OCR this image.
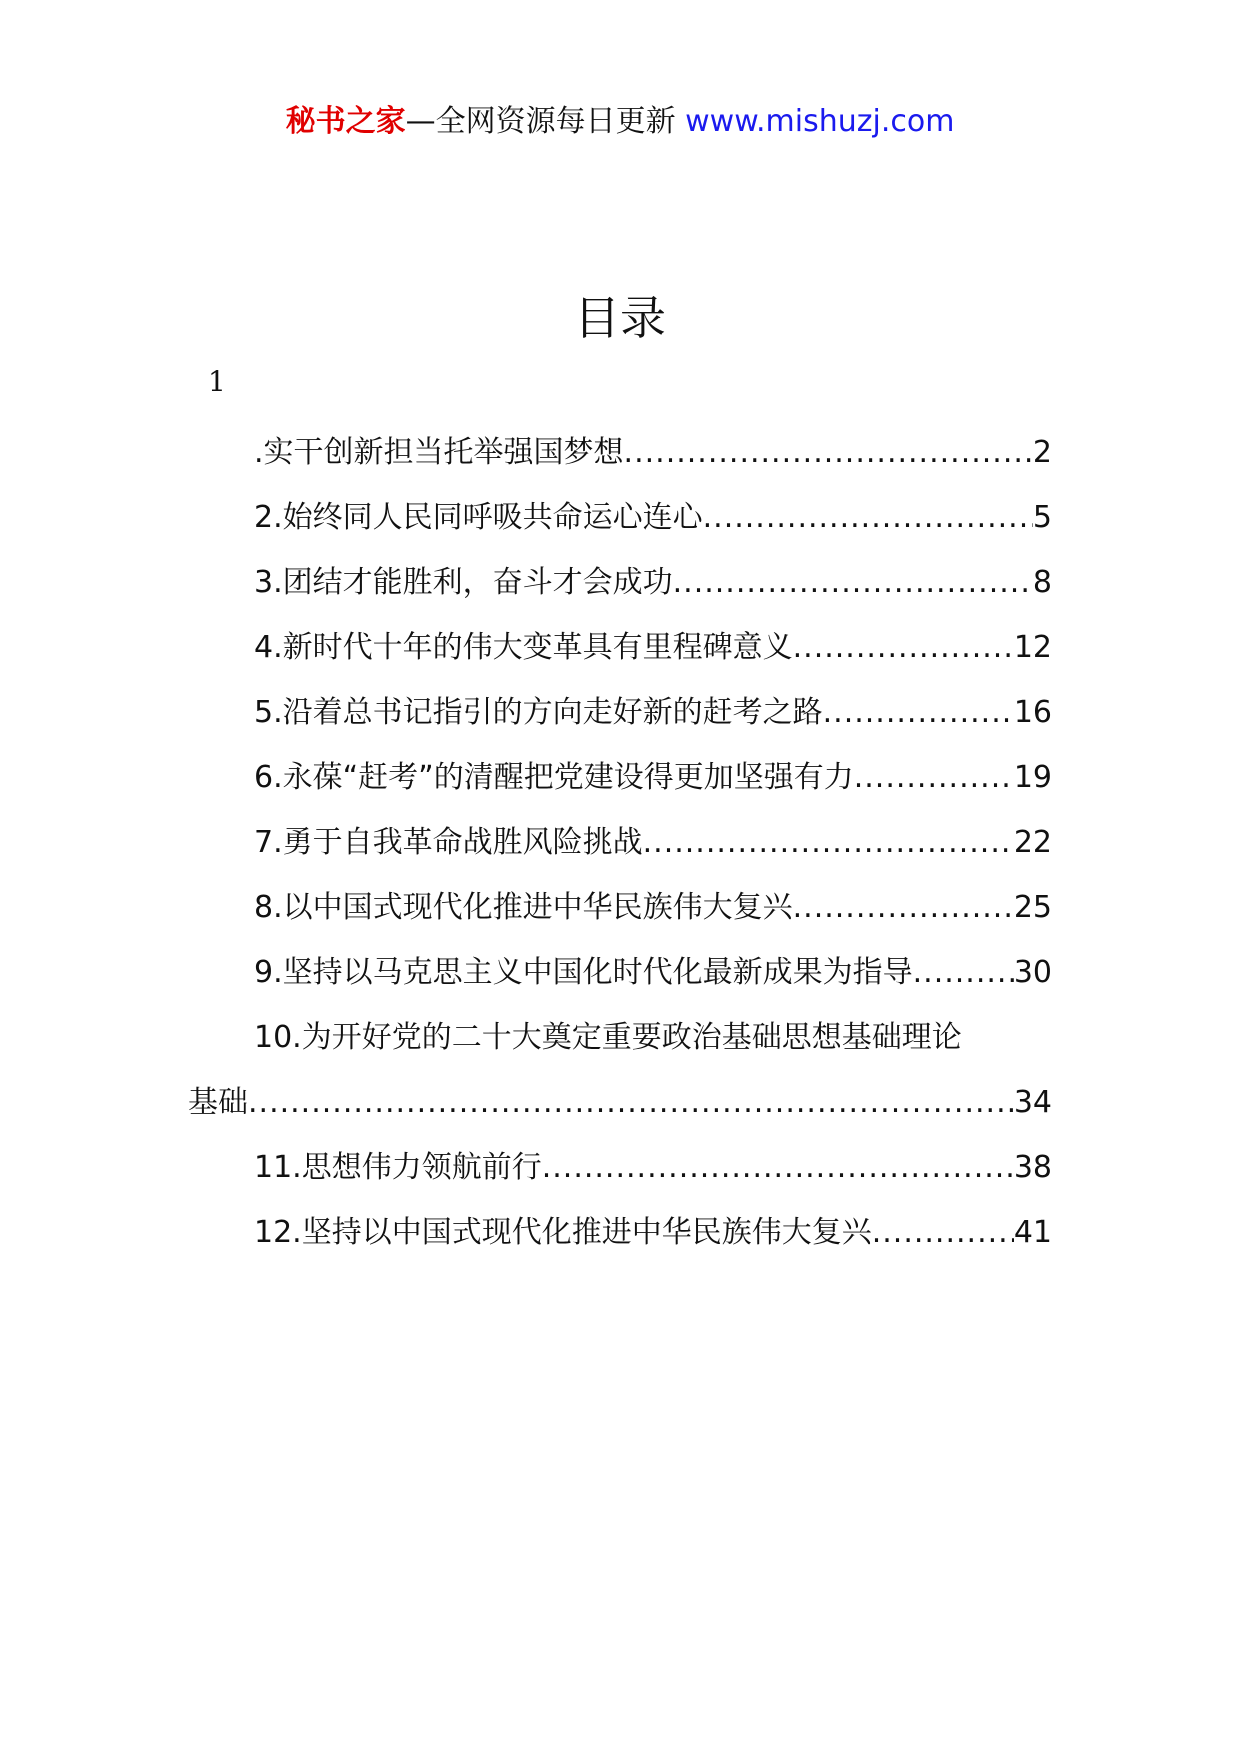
秘书之家—全网资源每日更新 www.mishuzj.com
目录
1
.实干创新担当托举强国梦想 .....	2
2.始终同人民同呼吸共命运心连心 .....	5
3.团结才能胜利，奋斗才会成功 .....	8
4.新时代十年的伟大变革具有里程碑意义 .....	12
5.沿着总书记指引的方向走好新的赶考之路 .....	16
6.永葆“赶考”的清醒把党建设得更加坚强有力 .....	19
7.勇于自我革命战胜风险挑战 .....	22
8.以中国式现代化推进中华民族伟大复兴 .....	25
9.坚持以马克思主义中国化时代化最新成果为指导 .....	30
10.为开好党的二十大奠定重要政治基础思想基础理论
基础 .....	34
11.思想伟力领航前行 .....	38
12.坚持以中国式现代化推进中华民族伟大复兴 .....	41
